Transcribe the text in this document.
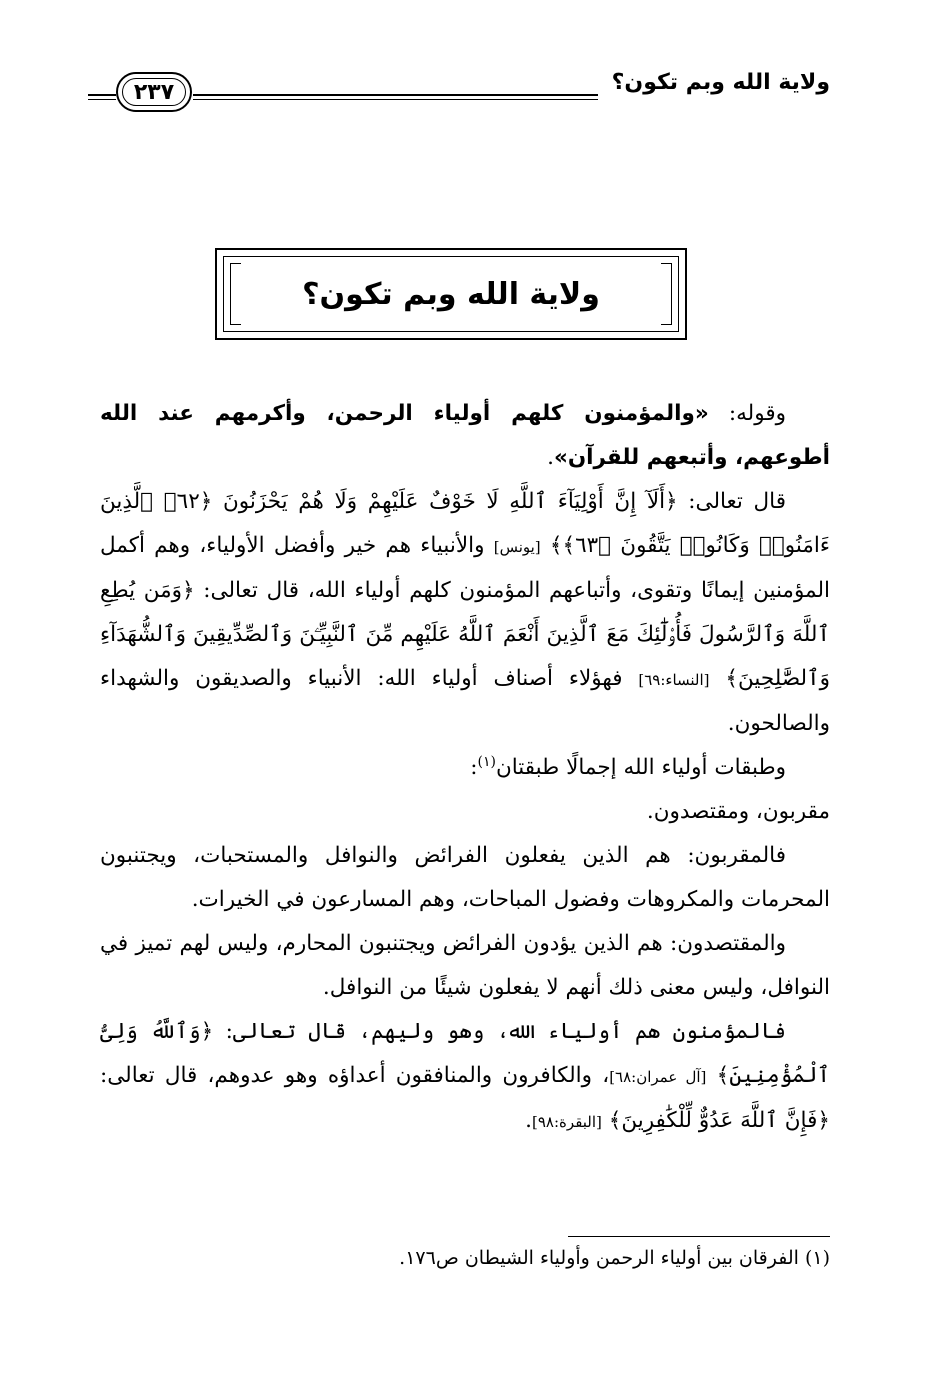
٢٣٧	ولاية الله وبم تكون؟
ولاية الله وبم تكون؟

وقوله: «والمؤمنون كلهم أولياء الرحمن، وأكرمهم عند الله أطوعهم، وأتبعهم للقرآن».

قال تعالى: ﴿أَلَآ إِنَّ أَوْلِيَآءَ ٱللَّهِ لَا خَوْفٌ عَلَيْهِمْ وَلَا هُمْ يَحْزَنُونَ ﴿٦٢﴾ ٱلَّذِينَ ءَامَنُوا۟ وَكَانُوا۟ يَتَّقُونَ ﴿٦٣﴾﴾ [يونس] والأنبياء هم خير وأفضل الأولياء، وهم أكمل المؤمنين إيمانًا وتقوى، وأتباعهم المؤمنون كلهم أولياء الله، قال تعالى: ﴿وَمَن يُطِعِ ٱللَّهَ وَٱلرَّسُولَ فَأُو۟لَٰٓئِكَ مَعَ ٱلَّذِينَ أَنْعَمَ ٱللَّهُ عَلَيْهِم مِّنَ ٱلنَّبِيِّـۧنَ وَٱلصِّدِّيقِينَ وَٱلشُّهَدَآءِ وَٱلصَّٰلِحِينَ﴾ [النساء:٦٩] فهؤلاء أصناف أولياء الله: الأنبياء والصديقون والشهداء والصالحون.

وطبقات أولياء الله إجمالًا طبقتان$^{(١)}$:

مقربون، ومقتصدون.

فالمقربون: هم الذين يفعلون الفرائض والنوافل والمستحبات، ويجتنبون المحرمات والمكروهات وفضول المباحات، وهم المسارعون في الخيرات.

والمقتصدون: هم الذين يؤدون الفرائض ويجتنبون المحارم، وليس لهم تميز في النوافل، وليس معنى ذلك أنهم لا يفعلون شيئًا من النوافل.

فالمؤمنون هم أولياء الله، وهو وليهم، قال تعالى: ﴿وَٱللَّهُ وَلِىُّ ٱلْمُؤْمِنِينَ﴾ [آل عمران:٦٨]، والكافرون والمنافقون أعداؤه وهو عدوهم، قال تعالى: ﴿فَإِنَّ ٱللَّهَ عَدُوٌّ لِّلْكَٰفِرِينَ﴾ [البقرة:٩٨].

(١) الفرقان بين أولياء الرحمن وأولياء الشيطان ص١٧٦.
